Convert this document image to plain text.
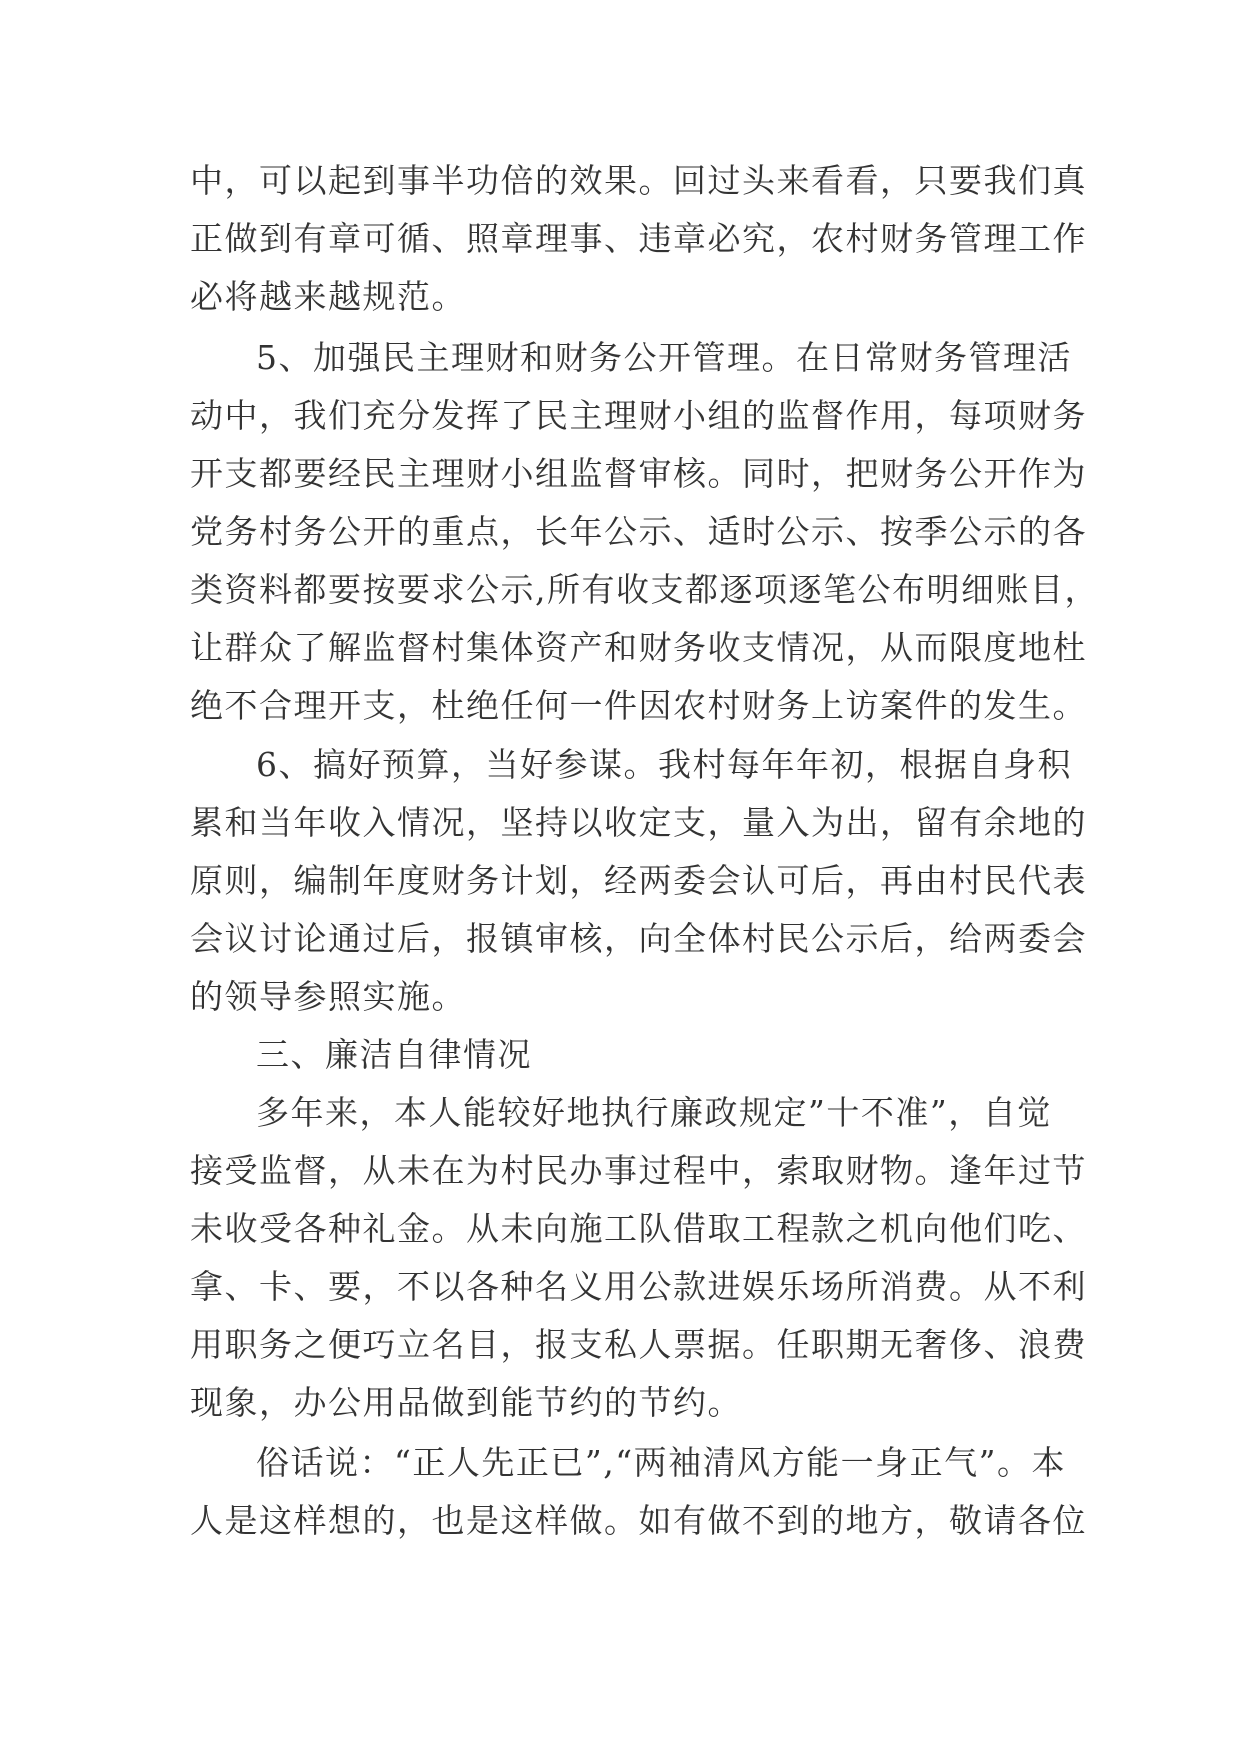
中，可以起到事半功倍的效果。回过头来看看，只要我们真
正做到有章可循、照章理事、违章必究，农村财务管理工作
必将越来越规范。
5、加强民主理财和财务公开管理。在日常财务管理活
动中，我们充分发挥了民主理财小组的监督作用，每项财务
开支都要经民主理财小组监督审核。同时，把财务公开作为
党务村务公开的重点，长年公示、适时公示、按季公示的各
类资料都要按要求公示,所有收支都逐项逐笔公布明细账目，
让群众了解监督村集体资产和财务收支情况，从而限度地杜
绝不合理开支，杜绝任何一件因农村财务上访案件的发生。
6、搞好预算，当好参谋。我村每年年初，根据自身积
累和当年收入情况，坚持以收定支，量入为出，留有余地的
原则，编制年度财务计划，经两委会认可后，再由村民代表
会议讨论通过后，报镇审核，向全体村民公示后，给两委会
的领导参照实施。
三、廉洁自律情况
多年来，本人能较好地执行廉政规定”十不准”，自觉
接受监督，从未在为村民办事过程中，索取财物。逢年过节
未收受各种礼金。从未向施工队借取工程款之机向他们吃、
拿、卡、要，不以各种名义用公款进娱乐场所消费。从不利
用职务之便巧立名目，报支私人票据。任职期无奢侈、浪费
现象，办公用品做到能节约的节约。
俗话说：“正人先正已”,“两袖清风方能一身正气”。本
人是这样想的，也是这样做。如有做不到的地方，敬请各位
